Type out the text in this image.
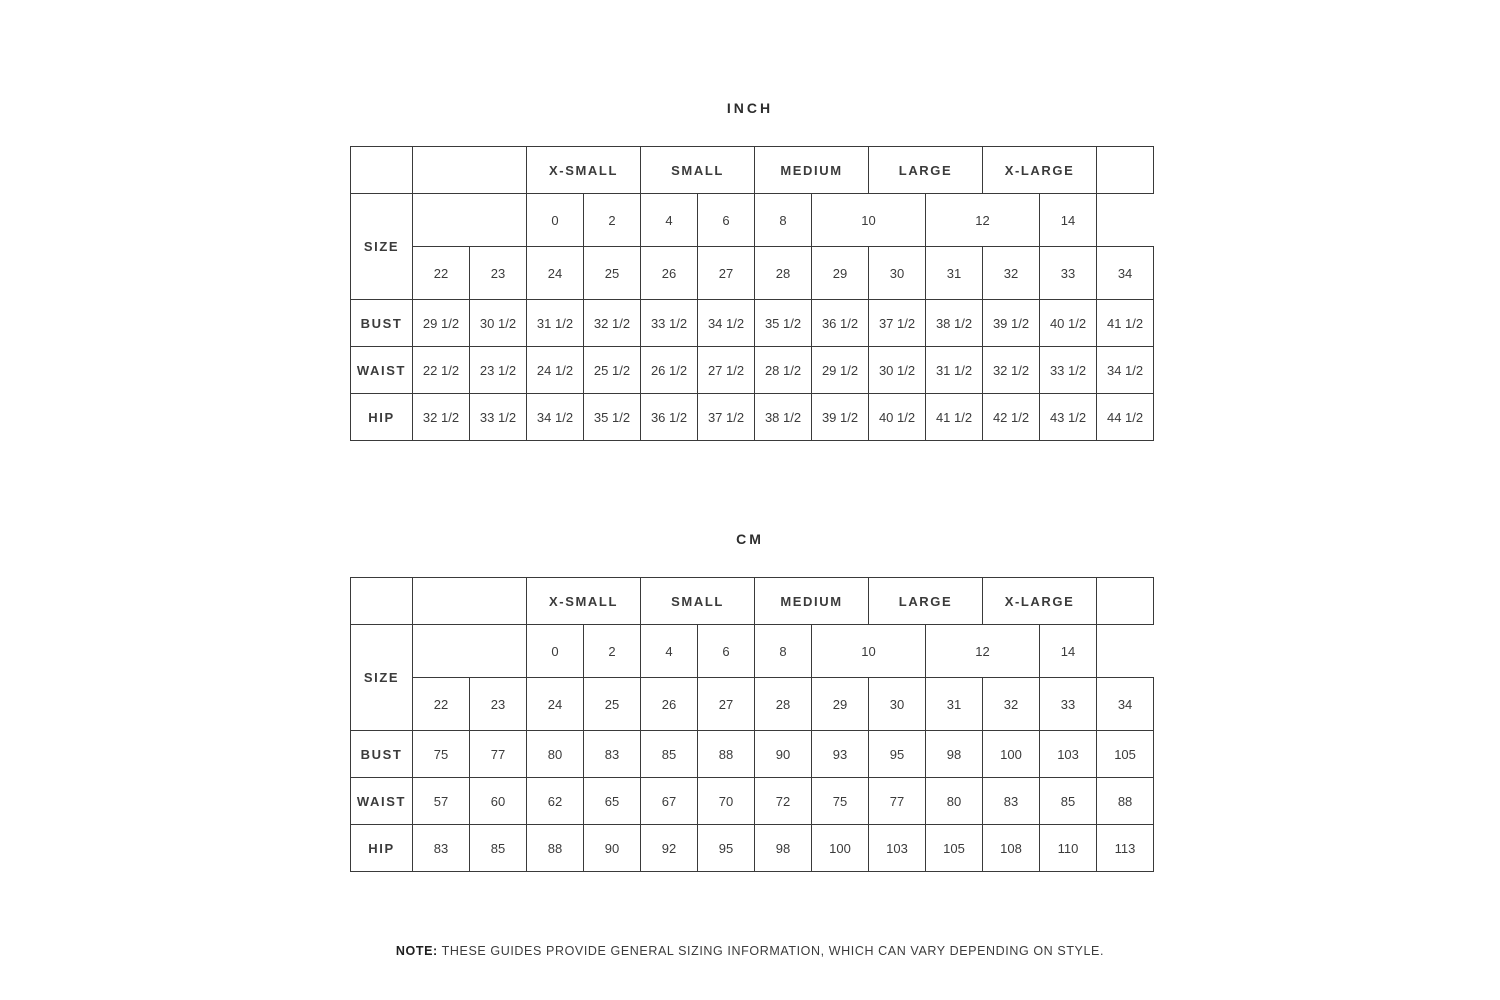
INCH
			X-SMALL		SMALL		MEDIUM		LARGE		X-LARGE		
SIZE			0	2	4	6	8	10		12		14	
	22	23	24	25	26	27	28	29	30	31	32	33	34
BUST	29 1/2	30 1/2	31 1/2	32 1/2	33 1/2	34 1/2	35 1/2	36 1/2	37 1/2	38 1/2	39 1/2	40 1/2	41 1/2
WAIST	22 1/2	23 1/2	24 1/2	25 1/2	26 1/2	27 1/2	28 1/2	29 1/2	30 1/2	31 1/2	32 1/2	33 1/2	34 1/2
HIP	32 1/2	33 1/2	34 1/2	35 1/2	36 1/2	37 1/2	38 1/2	39 1/2	40 1/2	41 1/2	42 1/2	43 1/2	44 1/2
CM
			X-SMALL		SMALL		MEDIUM		LARGE		X-LARGE		
SIZE			0	2	4	6	8	10		12		14	
	22	23	24	25	26	27	28	29	30	31	32	33	34
BUST	75	77	80	83	85	88	90	93	95	98	100	103	105
WAIST	57	60	62	65	67	70	72	75	77	80	83	85	88
HIP	83	85	88	90	92	95	98	100	103	105	108	110	113
NOTE: THESE GUIDES PROVIDE GENERAL SIZING INFORMATION, WHICH CAN VARY DEPENDING ON STYLE.
